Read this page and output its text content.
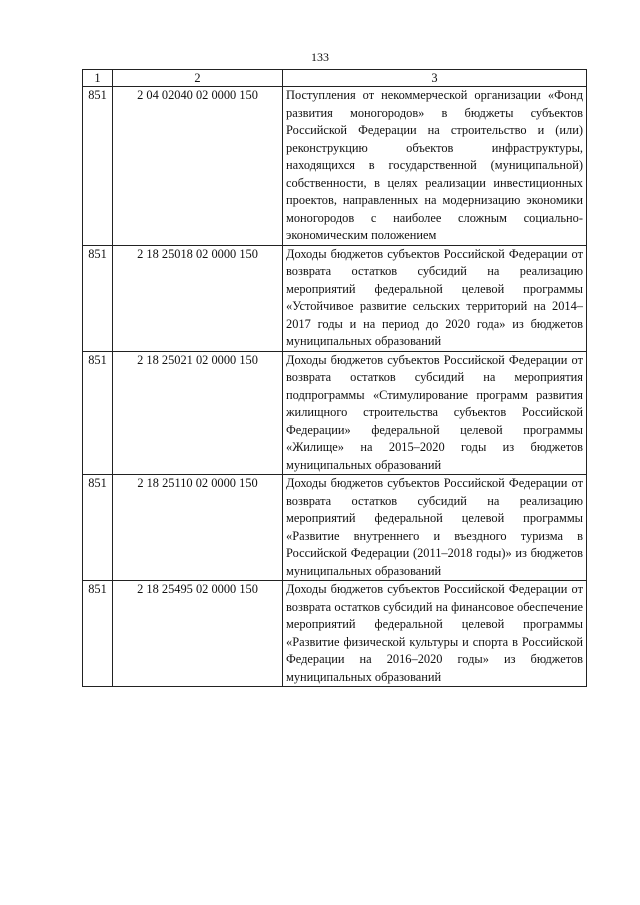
133
1	2	3
851	2 04 02040 02 0000 150	Поступления от некоммерческой организации «Фонд развития моногородов» в бюджеты субъектов Российской Федерации на строительство и (или) реконструкцию объектов инфраструктуры, находящихся в государственной (муниципальной) собственности, в целях реализации инвестиционных проектов, направленных на модернизацию экономики моногородов с наиболее сложным социально-экономическим положением
851	2 18 25018 02 0000 150	Доходы бюджетов субъектов Российской Федерации от возврата остатков субсидий на реализацию мероприятий федеральной целевой программы «Устойчивое развитие сельских территорий на 2014–2017 годы и на период до 2020 года» из бюджетов муниципальных образований
851	2 18 25021 02 0000 150	Доходы бюджетов субъектов Российской Федерации от возврата остатков субсидий на мероприятия подпрограммы «Стимулирование программ развития жилищного строительства субъектов Российской Федерации» федеральной целевой программы «Жилище» на 2015–2020 годы из бюджетов муниципальных образований
851	2 18 25110 02 0000 150	Доходы бюджетов субъектов Российской Федерации от возврата остатков субсидий на реализацию мероприятий федеральной целевой программы «Развитие внутреннего и въездного туризма в Российской Федерации (2011–2018 годы)» из бюджетов муниципальных образований
851	2 18 25495 02 0000 150	Доходы бюджетов субъектов Российской Федерации от возврата остатков субсидий на финансовое обеспечение мероприятий федеральной целевой программы «Развитие физической культуры и спорта в Российской Федерации на 2016–2020 годы» из бюджетов муниципальных образований
